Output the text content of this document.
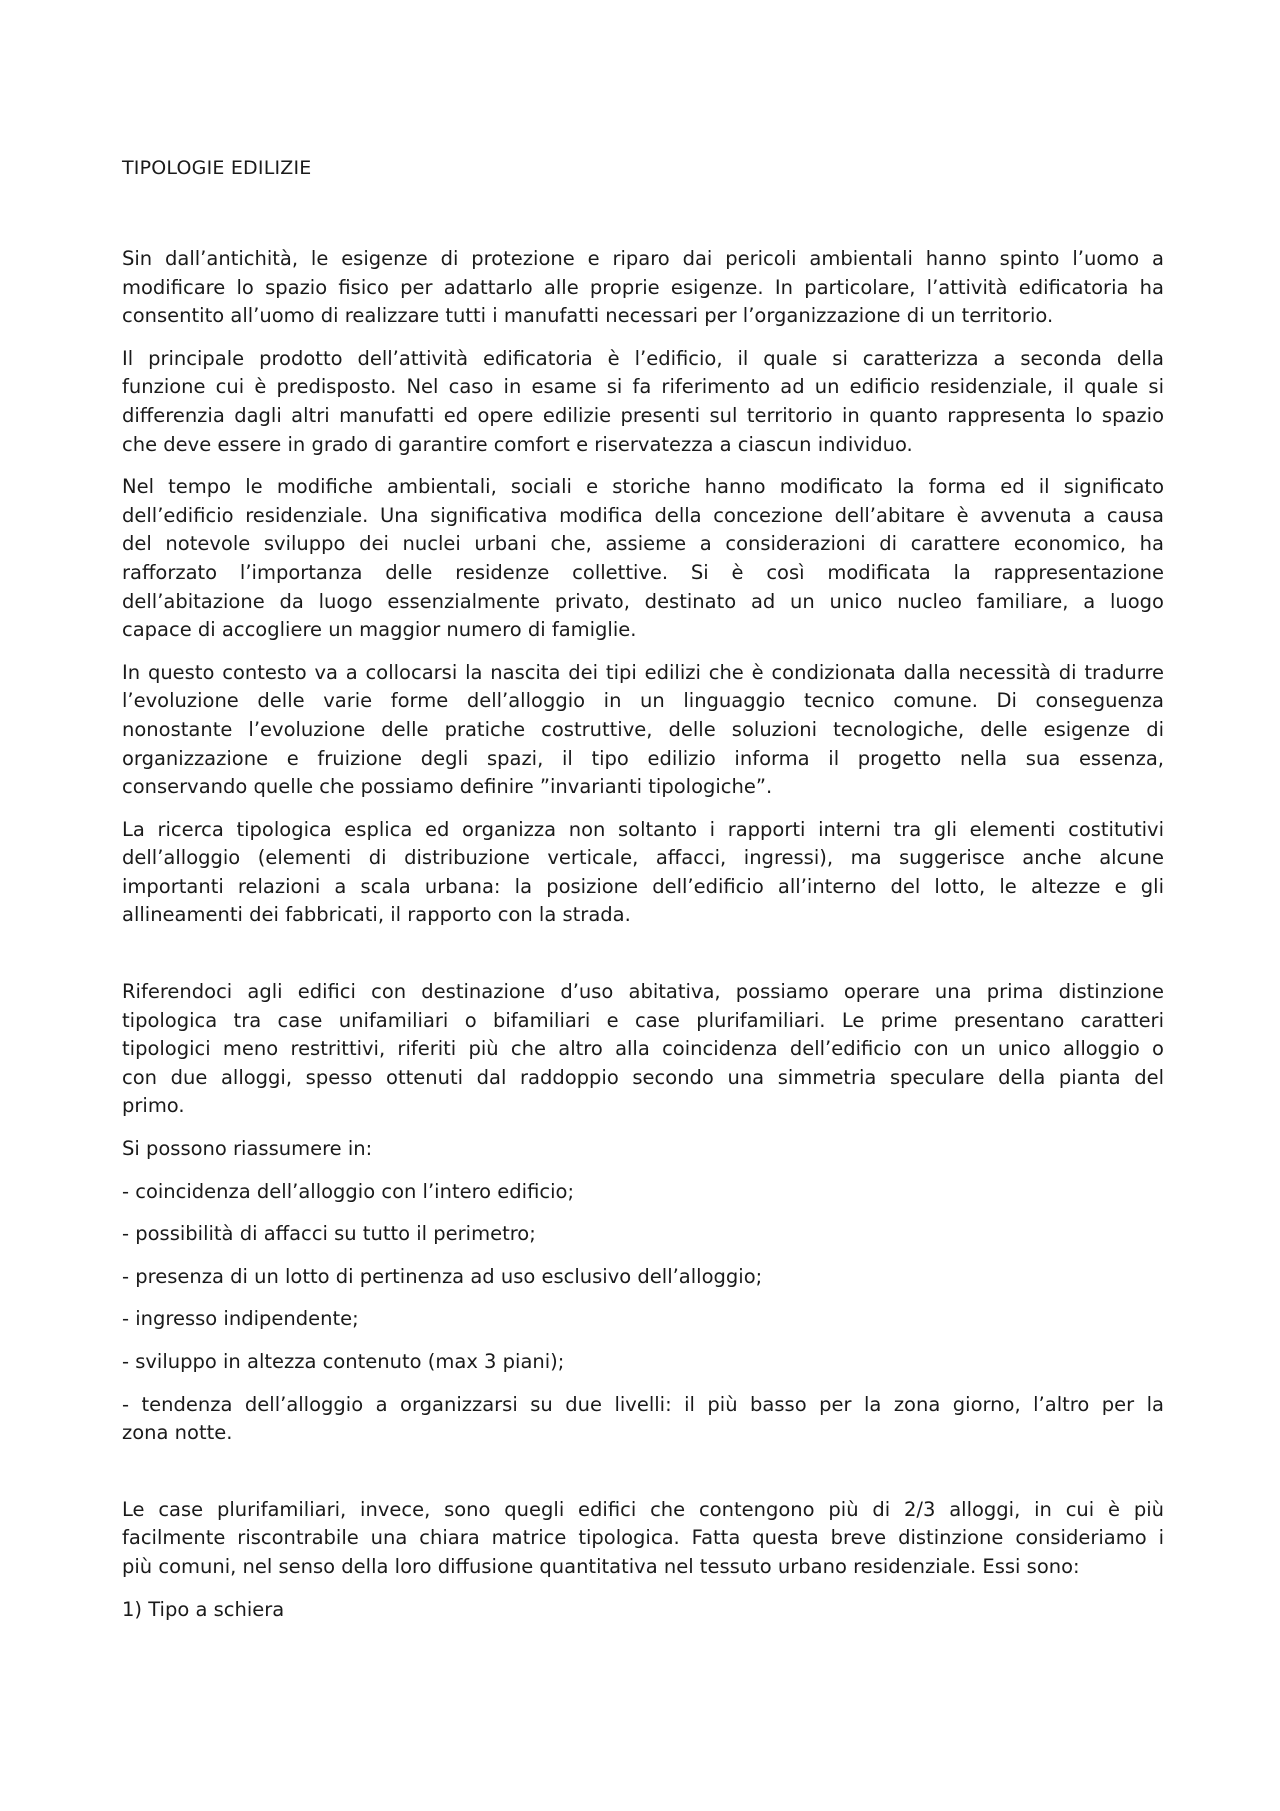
TIPOLOGIE EDILIZIE
Sin dall’antichità, le esigenze di protezione e riparo dai pericoli ambientali hanno spinto l’uomo a
modificare lo spazio fisico per adattarlo alle proprie esigenze. In particolare, l’attività edificatoria ha
consentito all’uomo di realizzare tutti i manufatti necessari per l’organizzazione di un territorio.
Il principale prodotto dell’attività edificatoria è l’edificio, il quale si caratterizza a seconda della
funzione cui è predisposto. Nel caso in esame si fa riferimento ad un edificio residenziale, il quale si
differenzia dagli altri manufatti ed opere edilizie presenti sul territorio in quanto rappresenta lo spazio
che deve essere in grado di garantire comfort e riservatezza a ciascun individuo.
Nel tempo le modifiche ambientali, sociali e storiche hanno modificato la forma ed il significato
dell’edificio residenziale. Una significativa modifica della concezione dell’abitare è avvenuta a causa
del notevole sviluppo dei nuclei urbani che, assieme a considerazioni di carattere economico, ha
rafforzato l’importanza delle residenze collettive. Si è così modificata la rappresentazione
dell’abitazione da luogo essenzialmente privato, destinato ad un unico nucleo familiare, a luogo
capace di accogliere un maggior numero di famiglie.
In questo contesto va a collocarsi la nascita dei tipi edilizi che è condizionata dalla necessità di tradurre
l’evoluzione delle varie forme dell’alloggio in un linguaggio tecnico comune. Di conseguenza
nonostante l’evoluzione delle pratiche costruttive, delle soluzioni tecnologiche, delle esigenze di
organizzazione e fruizione degli spazi, il tipo edilizio informa il progetto nella sua essenza,
conservando quelle che possiamo definire ”invarianti tipologiche”.
La ricerca tipologica esplica ed organizza non soltanto i rapporti interni tra gli elementi costitutivi
dell’alloggio (elementi di distribuzione verticale, affacci, ingressi), ma suggerisce anche alcune
importanti relazioni a scala urbana: la posizione dell’edificio all’interno del lotto, le altezze e gli
allineamenti dei fabbricati, il rapporto con la strada.
Riferendoci agli edifici con destinazione d’uso abitativa, possiamo operare una prima distinzione
tipologica tra case unifamiliari o bifamiliari e case plurifamiliari. Le prime presentano caratteri
tipologici meno restrittivi, riferiti più che altro alla coincidenza dell’edificio con un unico alloggio o
con due alloggi, spesso ottenuti dal raddoppio secondo una simmetria speculare della pianta del
primo.
Si possono riassumere in:
- coincidenza dell’alloggio con l’intero edificio;
- possibilità di affacci su tutto il perimetro;
- presenza di un lotto di pertinenza ad uso esclusivo dell’alloggio;
- ingresso indipendente;
- sviluppo in altezza contenuto (max 3 piani);
- tendenza dell’alloggio a organizzarsi su due livelli: il più basso per la zona giorno, l’altro per la
zona notte.
Le case plurifamiliari, invece, sono quegli edifici che contengono più di 2/3 alloggi, in cui è più
facilmente riscontrabile una chiara matrice tipologica. Fatta questa breve distinzione consideriamo i
più comuni, nel senso della loro diffusione quantitativa nel tessuto urbano residenziale. Essi sono:
1) Tipo a schiera
